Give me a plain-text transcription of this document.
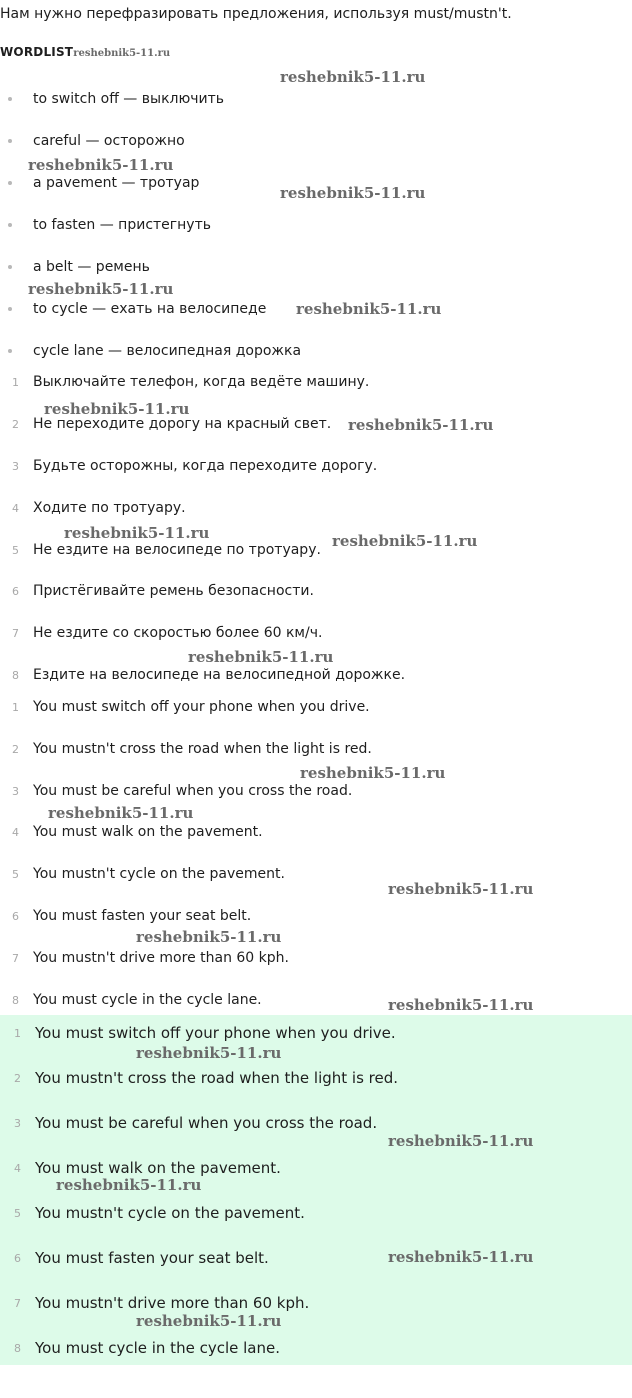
Нам нужно перефразировать предложения, используя must/mustn't.
WORDLISTreshebnik5-11.ru
to switch off — выключить
careful — осторожно
a pavement — тротуар
to fasten — пристегнуть
a belt — ремень
to cycle — ехать на велосипеде
cycle lane — велосипедная дорожка
1	Выключайте телефон, когда ведёте машину.
2	Не переходите дорогу на красный свет.
3	Будьте осторожны, когда переходите дорогу.
4	Ходите по тротуару.
5	Не ездите на велосипеде по тротуару.
6	Пристёгивайте ремень безопасности.
7	Не ездите со скоростью более 60 км/ч.
8	Ездите на велосипеде на велосипедной дорожке.
1	You must switch off your phone when you drive.
2	You mustn't cross the road when the light is red.
3	You must be careful when you cross the road.
4	You must walk on the pavement.
5	You mustn't cycle on the pavement.
6	You must fasten your seat belt.
7	You mustn't drive more than 60 kph.
8	You must cycle in the cycle lane.
1 You must switch off your phone when you drive.
2 You mustn't cross the road when the light is red.
3 You must be careful when you cross the road.
4 You must walk on the pavement.
5 You mustn't cycle on the pavement.
6 You must fasten your seat belt.
7 You mustn't drive more than 60 kph.
8 You must cycle in the cycle lane.
reshebnik5-11.ru
reshebnik5-11.ru
reshebnik5-11.ru
reshebnik5-11.ru
reshebnik5-11.ru
reshebnik5-11.ru
reshebnik5-11.ru
reshebnik5-11.ru	reshebnik5-11.ru
reshebnik5-11.ru
reshebnik5-11.ru
reshebnik5-11.ru
reshebnik5-11.ru
reshebnik5-11.ru
reshebnik5-11.ru
reshebnik5-11.ru
reshebnik5-11.ru
reshebnik5-11.ru
reshebnik5-11.ru
reshebnik5-11.ru
